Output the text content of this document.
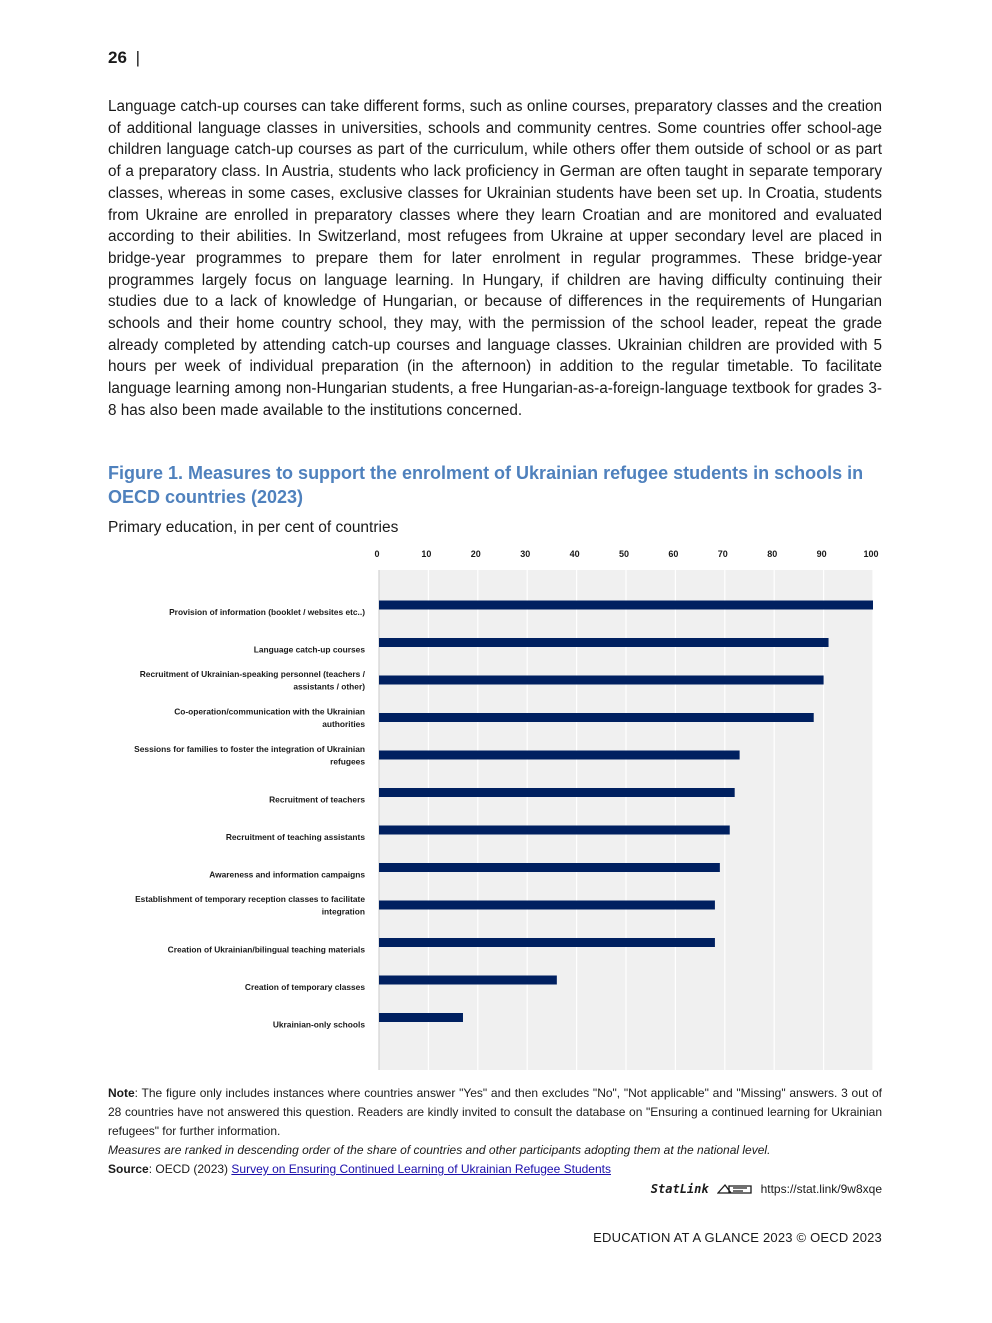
26 |

Language catch-up courses can take different forms, such as online courses, preparatory classes and the creation of additional language classes in universities, schools and community centres. Some countries offer school-age children language catch-up courses as part of the curriculum, while others offer them outside of school or as part of a preparatory class. In Austria, students who lack proficiency in German are often taught in separate temporary classes, whereas in some cases, exclusive classes for Ukrainian students have been set up. In Croatia, students from Ukraine are enrolled in preparatory classes where they learn Croatian and are monitored and evaluated according to their abilities. In Switzerland, most refugees from Ukraine at upper secondary level are placed in bridge-year programmes to prepare them for later enrolment in regular programmes. These bridge-year programmes largely focus on language learning. In Hungary, if children are having difficulty continuing their studies due to a lack of knowledge of Hungarian, or because of differences in the requirements of Hungarian schools and their home country school, they may, with the permission of the school leader, repeat the grade already completed by attending catch-up courses and language classes. Ukrainian children are provided with 5 hours per week of individual preparation (in the afternoon) in addition to the regular timetable. To facilitate language learning among non-Hungarian students, a free Hungarian-as-a-foreign-language textbook for grades 3-8 has also been made available to the institutions concerned.

Figure 1. Measures to support the enrolment of Ukrainian refugee students in schools in OECD countries (2023)
Primary education, in per cent of countries
0	10	20	30	40	50	60	70	80	90	100
Provision of information (booklet / websites etc..)
Language catch-up courses
Recruitment of Ukrainian-speaking personnel (teachers /
assistants / other)
Co-operation/communication with the Ukrainian
authorities
Sessions for families to foster the integration of Ukrainian
refugees
Recruitment of teachers
Recruitment of teaching assistants
Awareness and information campaigns
Establishment of temporary reception classes to facilitate
integration
Creation of Ukrainian/bilingual teaching materials
Creation of temporary classes
Ukrainian-only schools

Note: The figure only includes instances where countries answer "Yes" and then excludes "No", "Not applicable" and "Missing" answers. 3 out of 28 countries have not answered this question. Readers are kindly invited to consult the database on "Ensuring a continued learning for Ukrainian refugees" for further information.

Measures are ranked in descending order of the share of countries and other participants adopting them at the national level.

Source: OECD (2023) Survey on Ensuring Continued Learning of Ukrainian Refugee Students

StatLink	https://stat.link/9w8xqe
EDUCATION AT A GLANCE 2023 © OECD 2023
